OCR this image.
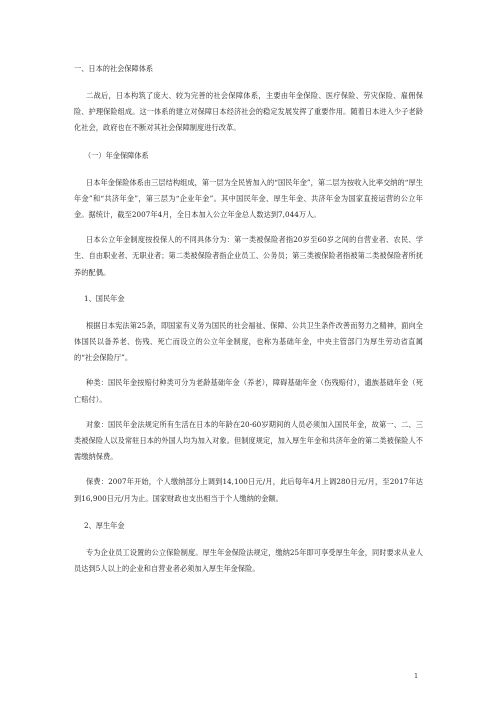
一、日本的社会保障体系
二战后，日本构筑了庞大、较为完善的社会保障体系，主要由年金保险、医疗保险、劳灾保险、雇佣保险、护理保险组成。这一体系的建立对保障日本经济社会的稳定发展发挥了重要作用。随着日本进入少子老龄化社会，政府也在不断对其社会保障制度进行改革。
（一）年金保障体系
日本年金保险体系由三层结构组成，第一层为全民皆加入的“国民年金”，第二层为按收入比率交纳的“厚生年金”和“共济年金”，第三层为“企业年金”。其中国民年金、厚生年金、共济年金为国家直接运营的公立年金。据统计，截至2007年4月，全日本加入公立年金总人数达到7,044万人。
日本公立年金制度按投保人的不同具体分为：第一类被保险者指20岁至60岁之间的自营业者、农民、学生、自由职业者、无职业者；第二类被保险者指企业员工、公务员；第三类被保险者指被第二类被保险者所抚养的配偶。
1、国民年金
根据日本宪法第25条，即国家有义务为国民的社会福祉、保障、公共卫生条件改善而努力之精神，面向全体国民以备养老、伤残、死亡而设立的公立年金制度，也称为基础年金，中央主管部门为厚生劳动省直属的“社会保险厅”。
种类：国民年金按赔付种类可分为老龄基础年金（养老），障碍基础年金（伤残赔付），遗族基础年金（死亡赔付）。
对象：国民年金法规定所有生活在日本的年龄在20-60岁期间的人员必须加入国民年金，故第一、二、三类被保险人以及常驻日本的外国人均为加入对象。但制度规定，加入厚生年金和共济年金的第二类被保险人不需缴纳保费。
保费：2007年开始，个人缴纳部分上调到14,100日元/月，此后每年4月上调280日元/月，至2017年达到16,900日元/月为止。国家财政也支出相当于个人缴纳的金额。
2、厚生年金
专为企业员工设置的公立保险制度。厚生年金保险法规定，缴纳25年即可享受厚生年金，同时要求从业人员达到5人以上的企业和自营业者必须加入厚生年金保险。
1
